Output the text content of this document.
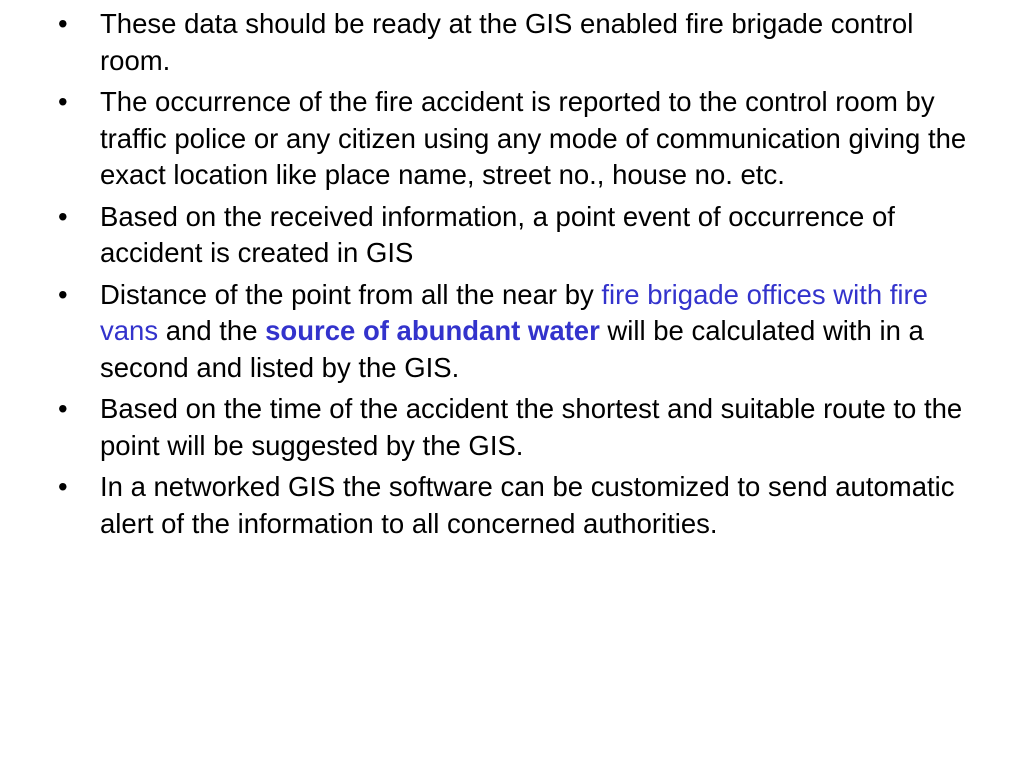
•	These data should be ready at the GIS enabled fire brigade control room.
•	The occurrence of the fire accident is reported to the control room by traffic police or any citizen using any mode of communication giving the exact location like place name, street no., house no. etc.
•	Based on the received information, a point event of occurrence of accident is created in GIS
•	Distance of the point from all the near by fire brigade offices with fire vans and the source of abundant water will be calculated with in a second and listed by the GIS.
•	Based on the time of the accident the shortest and suitable route to the point will be suggested by the GIS.
•	In a networked GIS the software can be customized to send automatic alert of the information to all concerned authorities.
